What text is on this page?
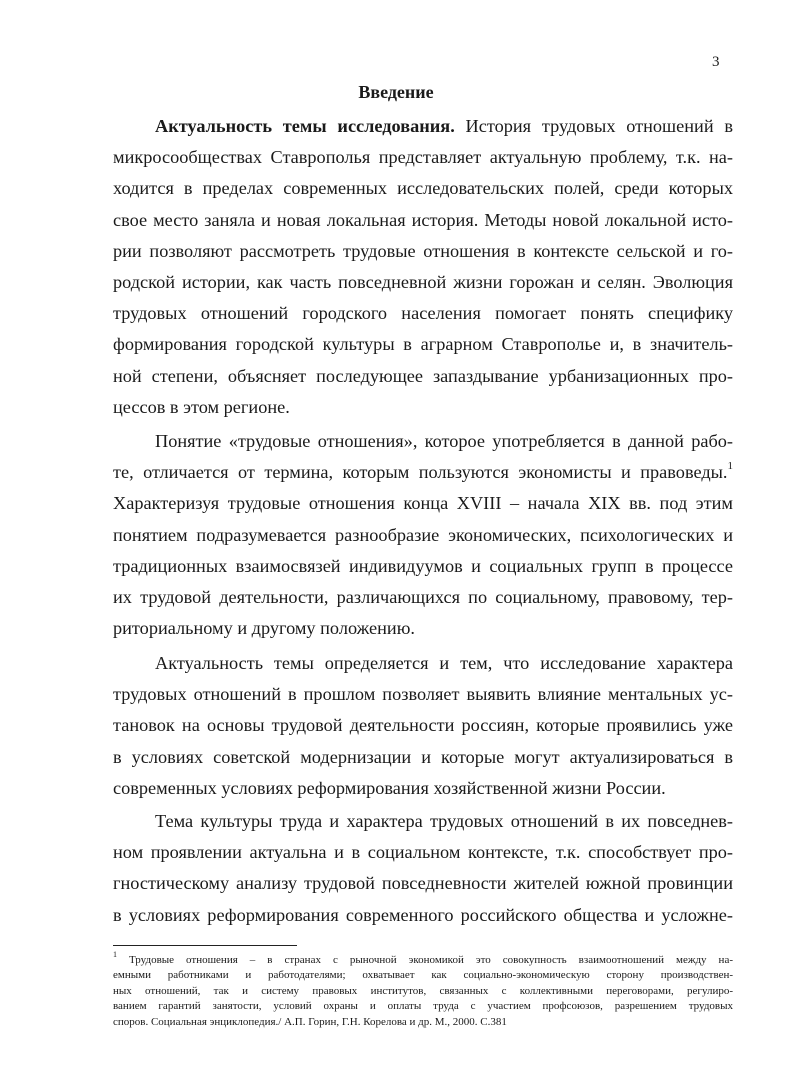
3
Введение
Актуальность темы исследования. История трудовых отношений в
микросообществах Ставрополья представляет актуальную проблему, т.к. на-
ходится в пределах современных исследовательских полей, среди которых
свое место заняла и новая локальная история. Методы новой локальной исто-
рии позволяют рассмотреть трудовые отношения в контексте сельской и го-
родской истории, как часть повседневной жизни горожан и селян. Эволюция
трудовых отношений городского населения помогает понять специфику
формирования городской культуры в аграрном Ставрополье и, в значитель-
ной степени, объясняет последующее запаздывание урбанизационных про-
цессов в этом регионе.
Понятие «трудовые отношения», которое употребляется в данной рабо-
те, отличается от термина, которым пользуются экономисты и правоведы.$^1$
Характеризуя трудовые отношения конца XVIII – начала XIX вв. под этим
понятием подразумевается разнообразие экономических, психологических и
традиционных взаимосвязей индивидуумов и социальных групп в процессе
их трудовой деятельности, различающихся по социальному, правовому, тер-
риториальному и другому положению.
Актуальность темы определяется и тем, что исследование характера
трудовых отношений в прошлом позволяет выявить влияние ментальных ус-
тановок на основы трудовой деятельности россиян, которые проявились уже
в условиях советской модернизации и которые могут актуализироваться в
современных условиях реформирования хозяйственной жизни России.
Тема культуры труда и характера трудовых отношений в их повседнев-
ном проявлении актуальна и в социальном контексте, т.к. способствует про-
гностическому анализу трудовой повседневности жителей южной провинции
в условиях реформирования современного российского общества и усложне-
$^1$ Трудовые отношения – в странах с рыночной экономикой это совокупность взаимоотношений между на-
емными работниками и работодателями; охватывает как социально-экономическую сторону производствен-
ных отношений, так и систему правовых институтов, связанных с коллективными переговорами, регулиро-
ванием гарантий занятости, условий охраны и оплаты труда с участием профсоюзов, разрешением трудовых
споров. Социальная энциклопедия./ А.П. Горин, Г.Н. Корелова и др. М., 2000. С.381
